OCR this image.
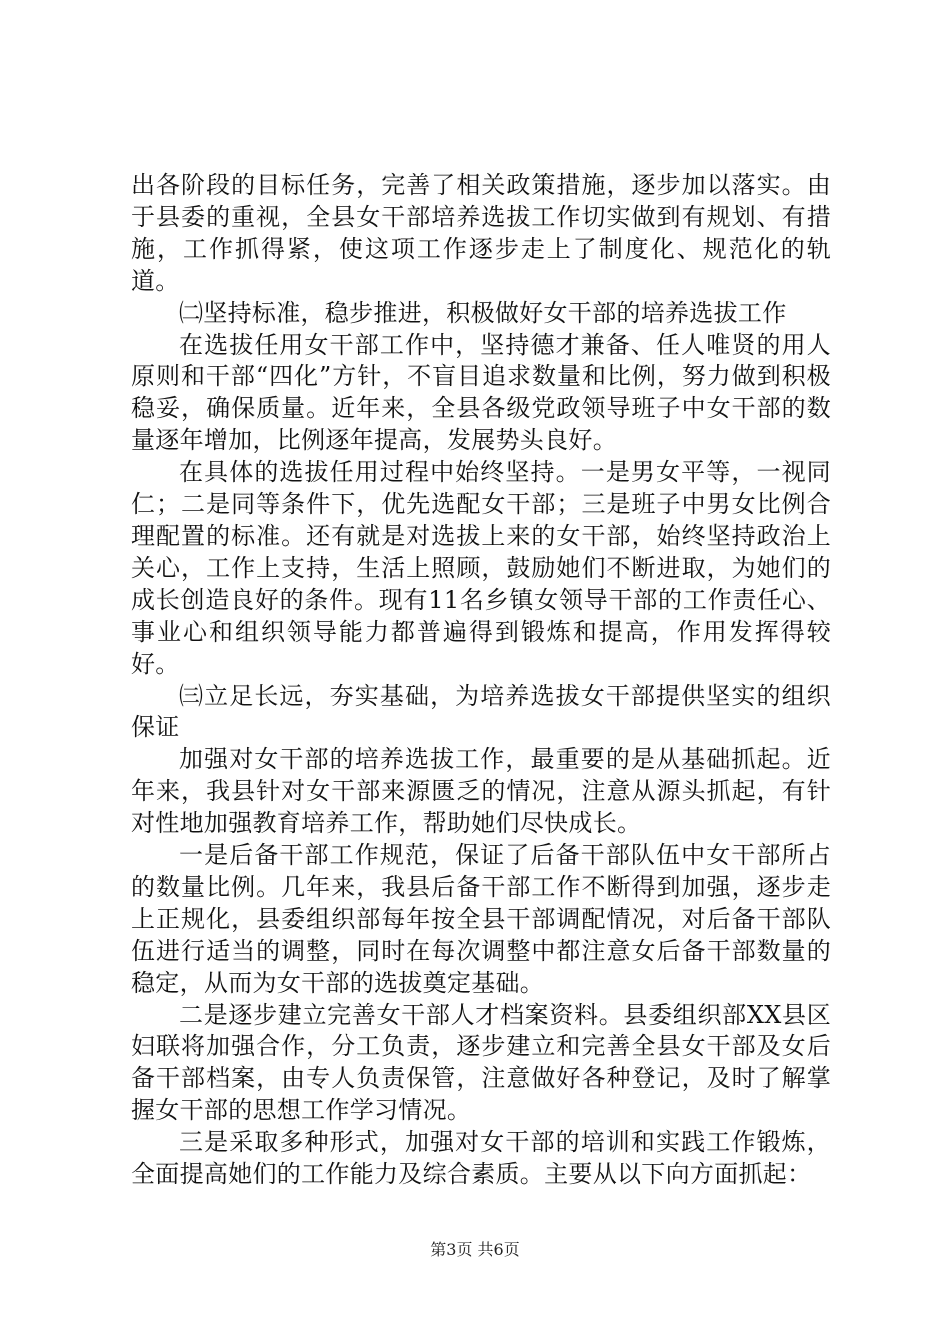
出各阶段的目标任务，完善了相关政策措施，逐步加以落实。由于县委的重视，全县女干部培养选拔工作切实做到有规划、有措施，工作抓得紧，使这项工作逐步走上了制度化、规范化的轨道。

㈡坚持标准，稳步推进，积极做好女干部的培养选拔工作

在选拔任用女干部工作中，坚持德才兼备、任人唯贤的用人原则和干部“四化”方针，不盲目追求数量和比例，努力做到积极稳妥，确保质量。近年来，全县各级党政领导班子中女干部的数量逐年增加，比例逐年提高，发展势头良好。

在具体的选拔任用过程中始终坚持。一是男女平等，一视同仁；二是同等条件下，优先选配女干部；三是班子中男女比例合理配置的标准。还有就是对选拔上来的女干部，始终坚持政治上关心，工作上支持，生活上照顾，鼓励她们不断进取，为她们的成长创造良好的条件。现有11名乡镇女领导干部的工作责任心、事业心和组织领导能力都普遍得到锻炼和提高，作用发挥得较好。

㈢立足长远，夯实基础，为培养选拔女干部提供坚实的组织保证

加强对女干部的培养选拔工作，最重要的是从基础抓起。近年来，我县针对女干部来源匮乏的情况，注意从源头抓起，有针对性地加强教育培养工作，帮助她们尽快成长。

一是后备干部工作规范，保证了后备干部队伍中女干部所占的数量比例。几年来，我县后备干部工作不断得到加强，逐步走上正规化，县委组织部每年按全县干部调配情况，对后备干部队伍进行适当的调整，同时在每次调整中都注意女后备干部数量的稳定，从而为女干部的选拔奠定基础。

二是逐步建立完善女干部人才档案资料。县委组织部XX县区妇联将加强合作，分工负责，逐步建立和完善全县女干部及女后备干部档案，由专人负责保管，注意做好各种登记，及时了解掌握女干部的思想工作学习情况。

三是采取多种形式，加强对女干部的培训和实践工作锻炼，全面提高她们的工作能力及综合素质。主要从以下向方面抓起：

第3页 共6页
